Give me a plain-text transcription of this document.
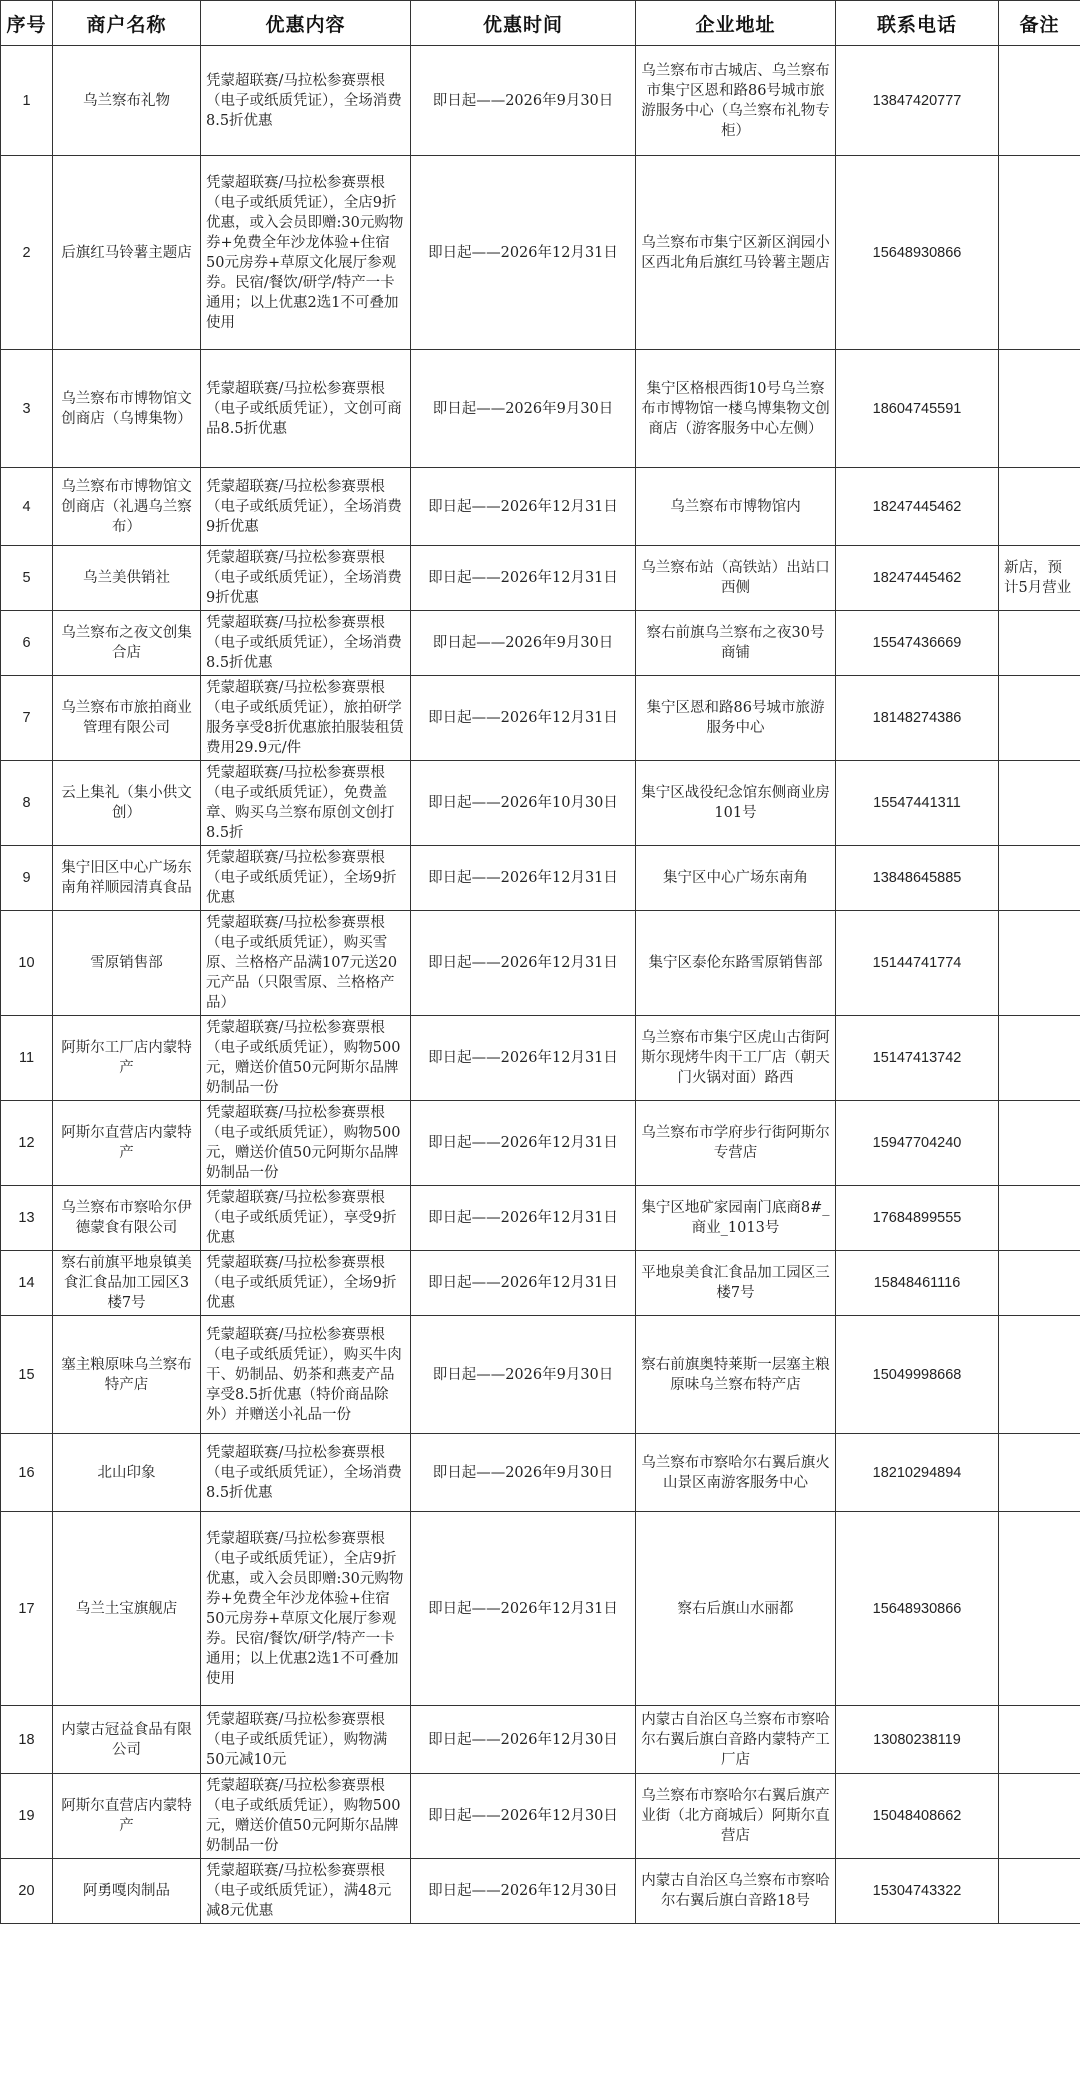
序号	商户名称	优惠内容	优惠时间	企业地址	联系电话	备注
1	乌兰察布礼物	凭蒙超联赛/马拉松参赛票根（电子或纸质凭证），全场消费8.5折优惠	即日起——2026年9月30日	乌兰察布市古城店、乌兰察布市集宁区恩和路86号城市旅游服务中心（乌兰察布礼物专柜）	13847420777	
2	后旗红马铃薯主题店	凭蒙超联赛/马拉松参赛票根（电子或纸质凭证），全店9折优惠，或入会员即赠:30元购物券+免费全年沙龙体验+住宿50元房券+草原文化展厅参观券。民宿/餐饮/研学/特产一卡通用；以上优惠2选1不可叠加使用	即日起——2026年12月31日	乌兰察布市集宁区新区润园小区西北角后旗红马铃薯主题店	15648930866	
3	乌兰察布市博物馆文创商店（乌博集物）	凭蒙超联赛/马拉松参赛票根（电子或纸质凭证），文创可商品8.5折优惠	即日起——2026年9月30日	集宁区格根西街10号乌兰察布市博物馆一楼乌博集物文创商店（游客服务中心左侧）	18604745591	
4	乌兰察布市博物馆文创商店（礼遇乌兰察布）	凭蒙超联赛/马拉松参赛票根（电子或纸质凭证），全场消费9折优惠	即日起——2026年12月31日	乌兰察布市博物馆内	18247445462	
5	乌兰美供销社	凭蒙超联赛/马拉松参赛票根（电子或纸质凭证），全场消费9折优惠	即日起——2026年12月31日	乌兰察布站（高铁站）出站口西侧	18247445462	新店，预计5月营业
6	乌兰察布之夜文创集合店	凭蒙超联赛/马拉松参赛票根（电子或纸质凭证），全场消费8.5折优惠	即日起——2026年9月30日	察右前旗乌兰察布之夜30号商铺	15547436669	
7	乌兰察布市旅拍商业管理有限公司	凭蒙超联赛/马拉松参赛票根（电子或纸质凭证），旅拍研学服务享受8折优惠旅拍服装租赁费用29.9元/件	即日起——2026年12月31日	集宁区恩和路86号城市旅游服务中心	18148274386	
8	云上集礼（集小供文创）	凭蒙超联赛/马拉松参赛票根（电子或纸质凭证），免费盖章、购买乌兰察布原创文创打8.5折	即日起——2026年10月30日	集宁区战役纪念馆东侧商业房101号	15547441311	
9	集宁旧区中心广场东南角祥顺园清真食品	凭蒙超联赛/马拉松参赛票根（电子或纸质凭证），全场9折优惠	即日起——2026年12月31日	集宁区中心广场东南角	13848645885	
10	雪原销售部	凭蒙超联赛/马拉松参赛票根（电子或纸质凭证），购买雪原、兰格格产品满107元送20元产品（只限雪原、兰格格产品）	即日起——2026年12月31日	集宁区泰伦东路雪原销售部	15144741774	
11	阿斯尔工厂店内蒙特产	凭蒙超联赛/马拉松参赛票根（电子或纸质凭证），购物500元，赠送价值50元阿斯尔品牌奶制品一份	即日起——2026年12月31日	乌兰察布市集宁区虎山古街阿斯尔现烤牛肉干工厂店（朝天门火锅对面）路西	15147413742	
12	阿斯尔直营店内蒙特产	凭蒙超联赛/马拉松参赛票根（电子或纸质凭证），购物500元，赠送价值50元阿斯尔品牌奶制品一份	即日起——2026年12月31日	乌兰察布市学府步行街阿斯尔专营店	15947704240	
13	乌兰察布市察哈尔伊德蒙食有限公司	凭蒙超联赛/马拉松参赛票根（电子或纸质凭证），享受9折优惠	即日起——2026年12月31日	集宁区地矿家园南门底商8#_商业_1013号	17684899555	
14	察右前旗平地泉镇美食汇食品加工园区3楼7号	凭蒙超联赛/马拉松参赛票根（电子或纸质凭证），全场9折优惠	即日起——2026年12月31日	平地泉美食汇食品加工园区三楼7号	15848461116	
15	塞主粮原味乌兰察布特产店	凭蒙超联赛/马拉松参赛票根（电子或纸质凭证），购买牛肉干、奶制品、奶茶和燕麦产品享受8.5折优惠（特价商品除外）并赠送小礼品一份	即日起——2026年9月30日	察右前旗奥特莱斯一层塞主粮原味乌兰察布特产店	15049998668	
16	北山印象	凭蒙超联赛/马拉松参赛票根（电子或纸质凭证），全场消费8.5折优惠	即日起——2026年9月30日	乌兰察布市察哈尔右翼后旗火山景区南游客服务中心	18210294894	
17	乌兰土宝旗舰店	凭蒙超联赛/马拉松参赛票根（电子或纸质凭证），全店9折优惠，或入会员即赠:30元购物券+免费全年沙龙体验+住宿50元房券+草原文化展厅参观券。民宿/餐饮/研学/特产一卡通用；以上优惠2选1不可叠加使用	即日起——2026年12月31日	察右后旗山水丽都	15648930866	
18	内蒙古冠益食品有限公司	凭蒙超联赛/马拉松参赛票根（电子或纸质凭证），购物满50元减10元	即日起——2026年12月30日	内蒙古自治区乌兰察布市察哈尔右翼后旗白音路内蒙特产工厂店	13080238119	
19	阿斯尔直营店内蒙特产	凭蒙超联赛/马拉松参赛票根（电子或纸质凭证），购物500元，赠送价值50元阿斯尔品牌奶制品一份	即日起——2026年12月30日	乌兰察布市察哈尔右翼后旗产业街（北方商城后）阿斯尔直营店	15048408662	
20	阿勇嘎肉制品	凭蒙超联赛/马拉松参赛票根（电子或纸质凭证），满48元减8元优惠	即日起——2026年12月30日	内蒙古自治区乌兰察布市察哈尔右翼后旗白音路18号	15304743322	
